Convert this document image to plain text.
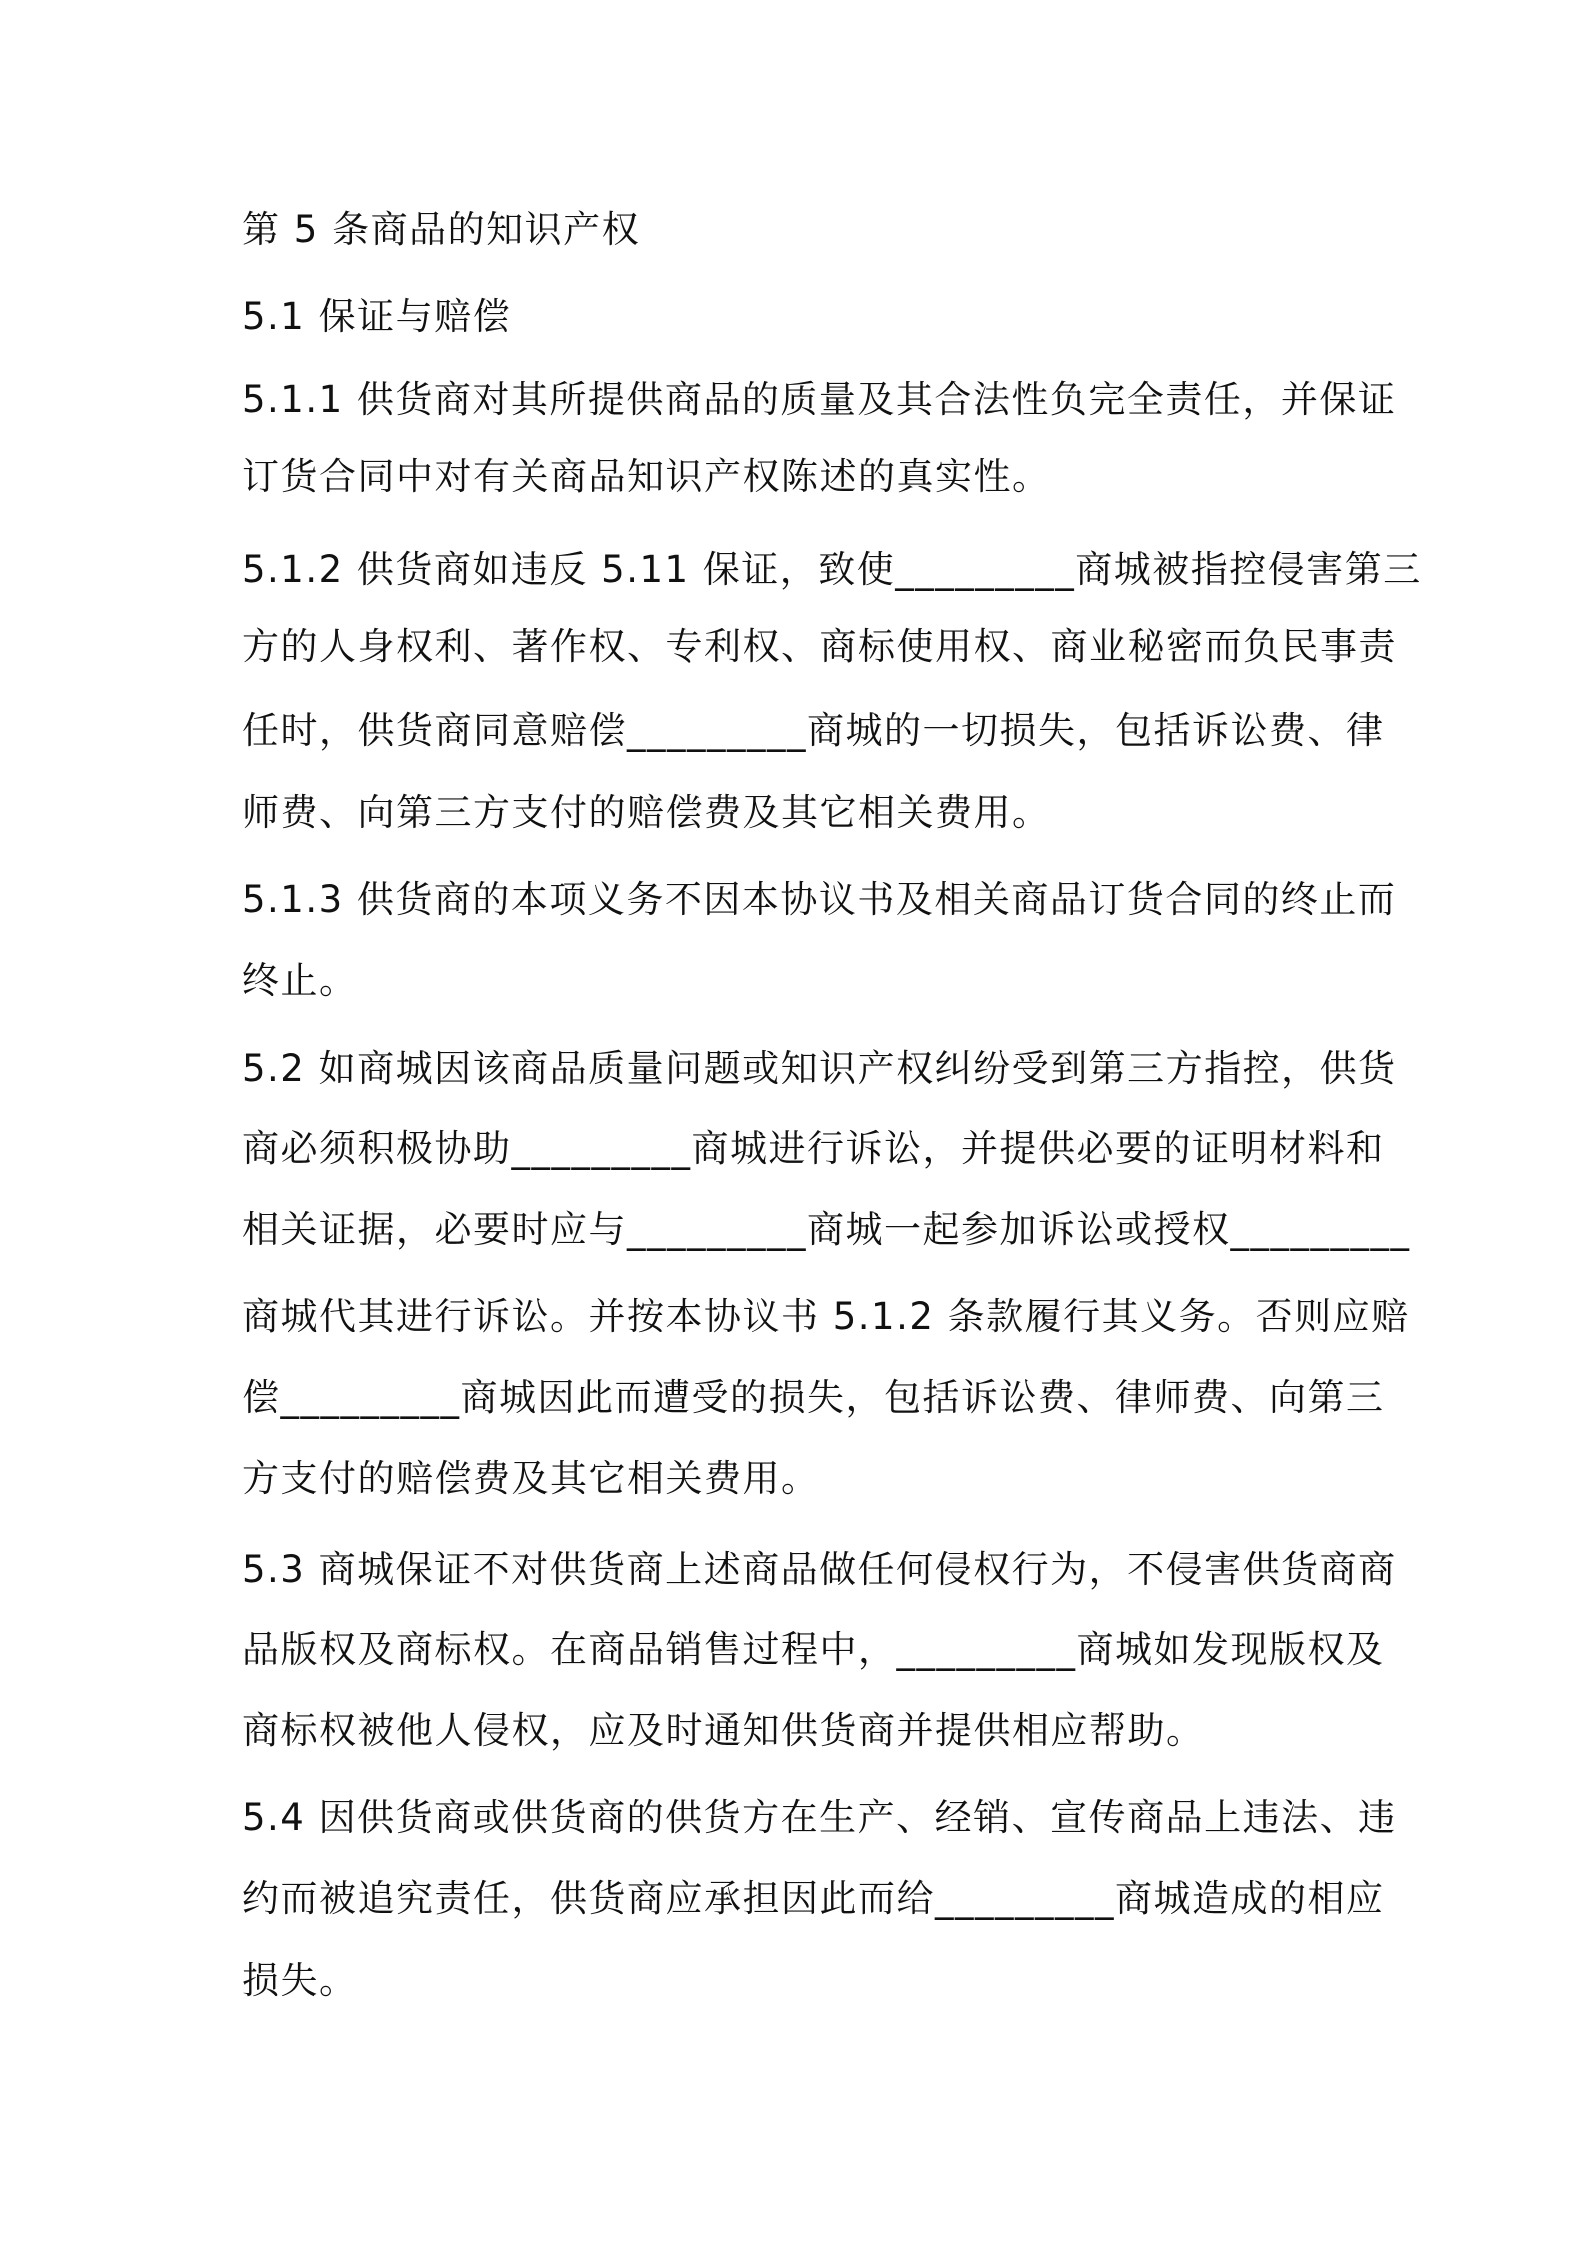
第 5 条商品的知识产权
5.1 保证与赔偿
5.1.1 供货商对其所提供商品的质量及其合法性负完全责任，并保证
订货合同中对有关商品知识产权陈述的真实性。
5.1.2 供货商如违反 5.11 保证，致使_________商城被指控侵害第三
方的人身权利、著作权、专利权、商标使用权、商业秘密而负民事责
任时，供货商同意赔偿_________商城的一切损失，包括诉讼费、律
师费、向第三方支付的赔偿费及其它相关费用。
5.1.3 供货商的本项义务不因本协议书及相关商品订货合同的终止而
终止。
5.2 如商城因该商品质量问题或知识产权纠纷受到第三方指控，供货
商必须积极协助_________商城进行诉讼，并提供必要的证明材料和
相关证据，必要时应与_________商城一起参加诉讼或授权_________
商城代其进行诉讼。并按本协议书 5.1.2 条款履行其义务。否则应赔
偿_________商城因此而遭受的损失，包括诉讼费、律师费、向第三
方支付的赔偿费及其它相关费用。
5.3 商城保证不对供货商上述商品做任何侵权行为，不侵害供货商商
品版权及商标权。在商品销售过程中，_________商城如发现版权及
商标权被他人侵权，应及时通知供货商并提供相应帮助。
5.4 因供货商或供货商的供货方在生产、经销、宣传商品上违法、违
约而被追究责任，供货商应承担因此而给_________商城造成的相应
损失。
